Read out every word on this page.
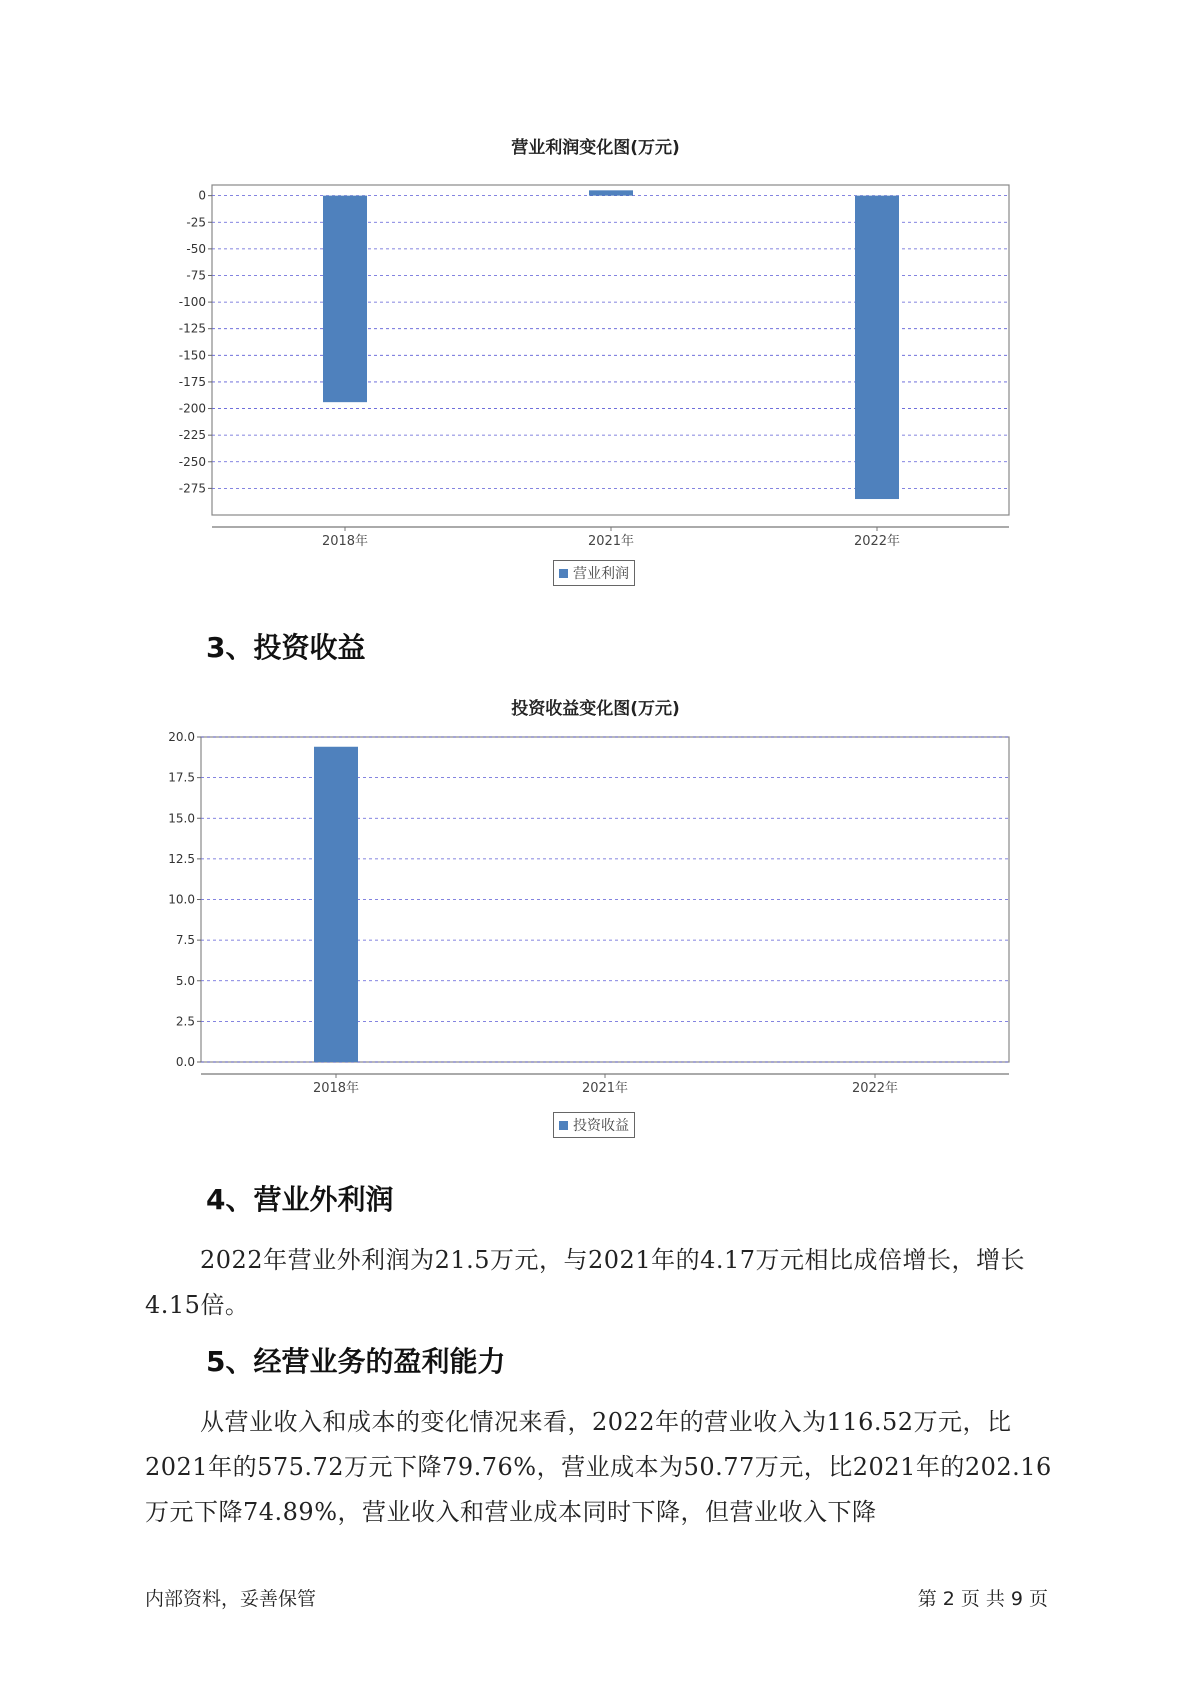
营业利润变化图(万元)
0
-25
-50
-75
-100
-125
-150
-175
-200
-225
-250
-275
2018年	2021年	2022年
营业利润
3、投资收益
投资收益变化图(万元)
0.0
2.5
5.0
7.5
10.0
12.5
15.0
17.5
20.0
2018年	2021年	2022年
投资收益
4、营业外利润

2022年营业外利润为21.5万元，与2021年的4.17万元相比成倍增长，增长4.15倍。

5、经营业务的盈利能力

从营业收入和成本的变化情况来看，2022年的营业收入为116.52万元，比2021年的575.72万元下降79.76%，营业成本为50.77万元，比2021年的202.16万元下降74.89%，营业收入和营业成本同时下降，但营业收入下降

内部资料，妥善保管	第 2 页 共 9 页
